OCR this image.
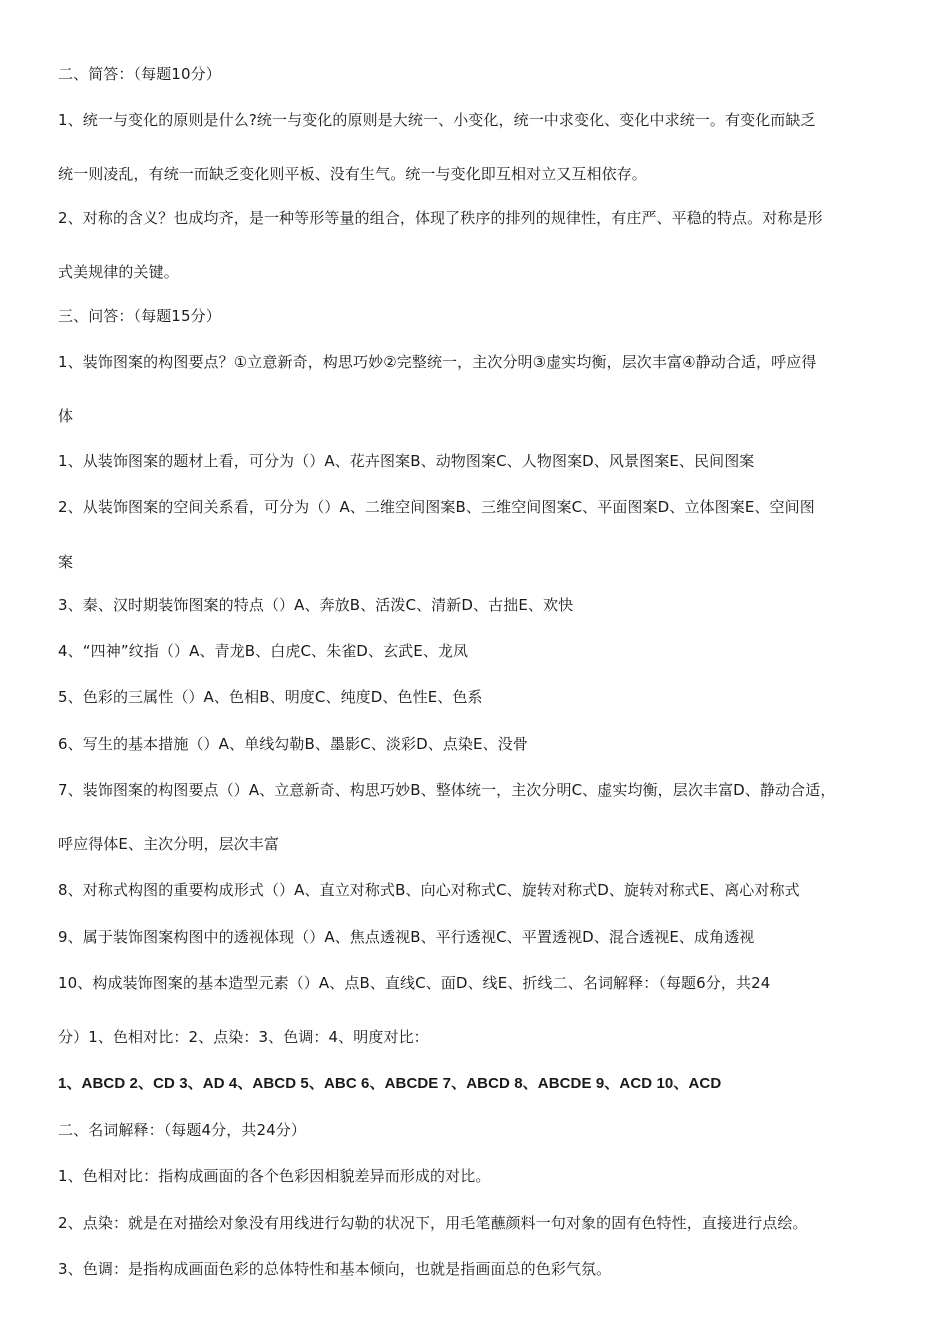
二、简答：（每题10分）
1、统一与变化的原则是什么?统一与变化的原则是大统一、小变化，统一中求变化、变化中求统一。有变化而缺乏
统一则凌乱，有统一而缺乏变化则平板、没有生气。统一与变化即互相对立又互相依存。
2、对称的含义？也成均齐，是一种等形等量的组合，体现了秩序的排列的规律性，有庄严、平稳的特点。对称是形
式美规律的关键。
三、问答：（每题15分）
1、装饰图案的构图要点？①立意新奇，构思巧妙②完整统一，主次分明③虚实均衡，层次丰富④静动合适，呼应得
体
1、从装饰图案的题材上看，可分为（）A、花卉图案B、动物图案C、人物图案D、风景图案E、民间图案
2、从装饰图案的空间关系看，可分为（）A、二维空间图案B、三维空间图案C、平面图案D、立体图案E、空间图
案
3、秦、汉时期装饰图案的特点（）A、奔放B、活泼C、清新D、古拙E、欢快
4、“四神”纹指（）A、青龙B、白虎C、朱雀D、玄武E、龙凤
5、色彩的三属性（）A、色相B、明度C、纯度D、色性E、色系
6、写生的基本措施（）A、单线勾勒B、墨影C、淡彩D、点染E、没骨
7、装饰图案的构图要点（）A、立意新奇、构思巧妙B、整体统一，主次分明C、虚实均衡，层次丰富D、静动合适，
呼应得体E、主次分明，层次丰富
8、对称式构图的重要构成形式（）A、直立对称式B、向心对称式C、旋转对称式D、旋转对称式E、离心对称式
9、属于装饰图案构图中的透视体现（）A、焦点透视B、平行透视C、平置透视D、混合透视E、成角透视
10、构成装饰图案的基本造型元素（）A、点B、直线C、面D、线E、折线二、名词解释：（每题6分，共24
分）1、色相对比：2、点染：3、色调：4、明度对比：
1、ABCD 2、CD 3、AD 4、ABCD 5、ABC 6、ABCDE 7、ABCD 8、ABCDE 9、ACD 10、ACD
二、名词解释：（每题4分，共24分）
1、色相对比：指构成画面的各个色彩因相貌差异而形成的对比。
2、点染：就是在对描绘对象没有用线进行勾勒的状况下，用毛笔蘸颜料一句对象的固有色特性，直接进行点绘。
3、色调：是指构成画面色彩的总体特性和基本倾向，也就是指画面总的色彩气氛。
